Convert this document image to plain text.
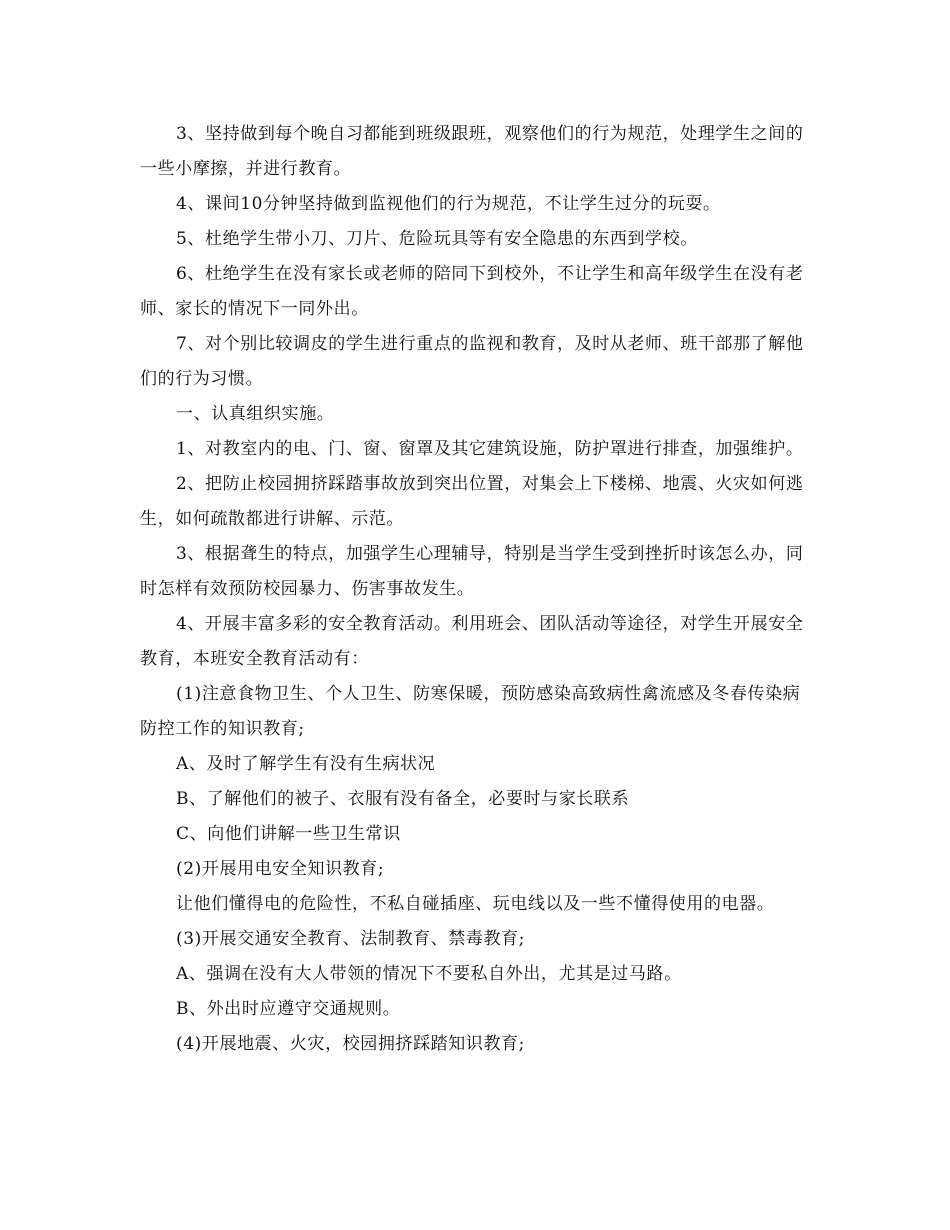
3、坚持做到每个晚自习都能到班级跟班，观察他们的行为规范，处理学生之间的一些小摩擦，并进行教育。

4、课间10分钟坚持做到监视他们的行为规范，不让学生过分的玩耍。

5、杜绝学生带小刀、刀片、危险玩具等有安全隐患的东西到学校。

6、杜绝学生在没有家长或老师的陪同下到校外，不让学生和高年级学生在没有老师、家长的情况下一同外出。

7、对个别比较调皮的学生进行重点的监视和教育，及时从老师、班干部那了解他们的行为习惯。

一、认真组织实施。

1、对教室内的电、门、窗、窗罩及其它建筑设施，防护罩进行排查，加强维护。

2、把防止校园拥挤踩踏事故放到突出位置，对集会上下楼梯、地震、火灾如何逃生，如何疏散都进行讲解、示范。

3、根据聋生的特点，加强学生心理辅导，特别是当学生受到挫折时该怎么办，同时怎样有效预防校园暴力、伤害事故发生。

4、开展丰富多彩的安全教育活动。利用班会、团队活动等途径，对学生开展安全教育，本班安全教育活动有：

(1)注意食物卫生、个人卫生、防寒保暖，预防感染高致病性禽流感及冬春传染病防控工作的知识教育;

A、及时了解学生有没有生病状况

B、了解他们的被子、衣服有没有备全，必要时与家长联系

C、向他们讲解一些卫生常识

(2)开展用电安全知识教育;

让他们懂得电的危险性，不私自碰插座、玩电线以及一些不懂得使用的电器。

(3)开展交通安全教育、法制教育、禁毒教育;

A、强调在没有大人带领的情况下不要私自外出，尤其是过马路。

B、外出时应遵守交通规则。

(4)开展地震、火灾，校园拥挤踩踏知识教育;
